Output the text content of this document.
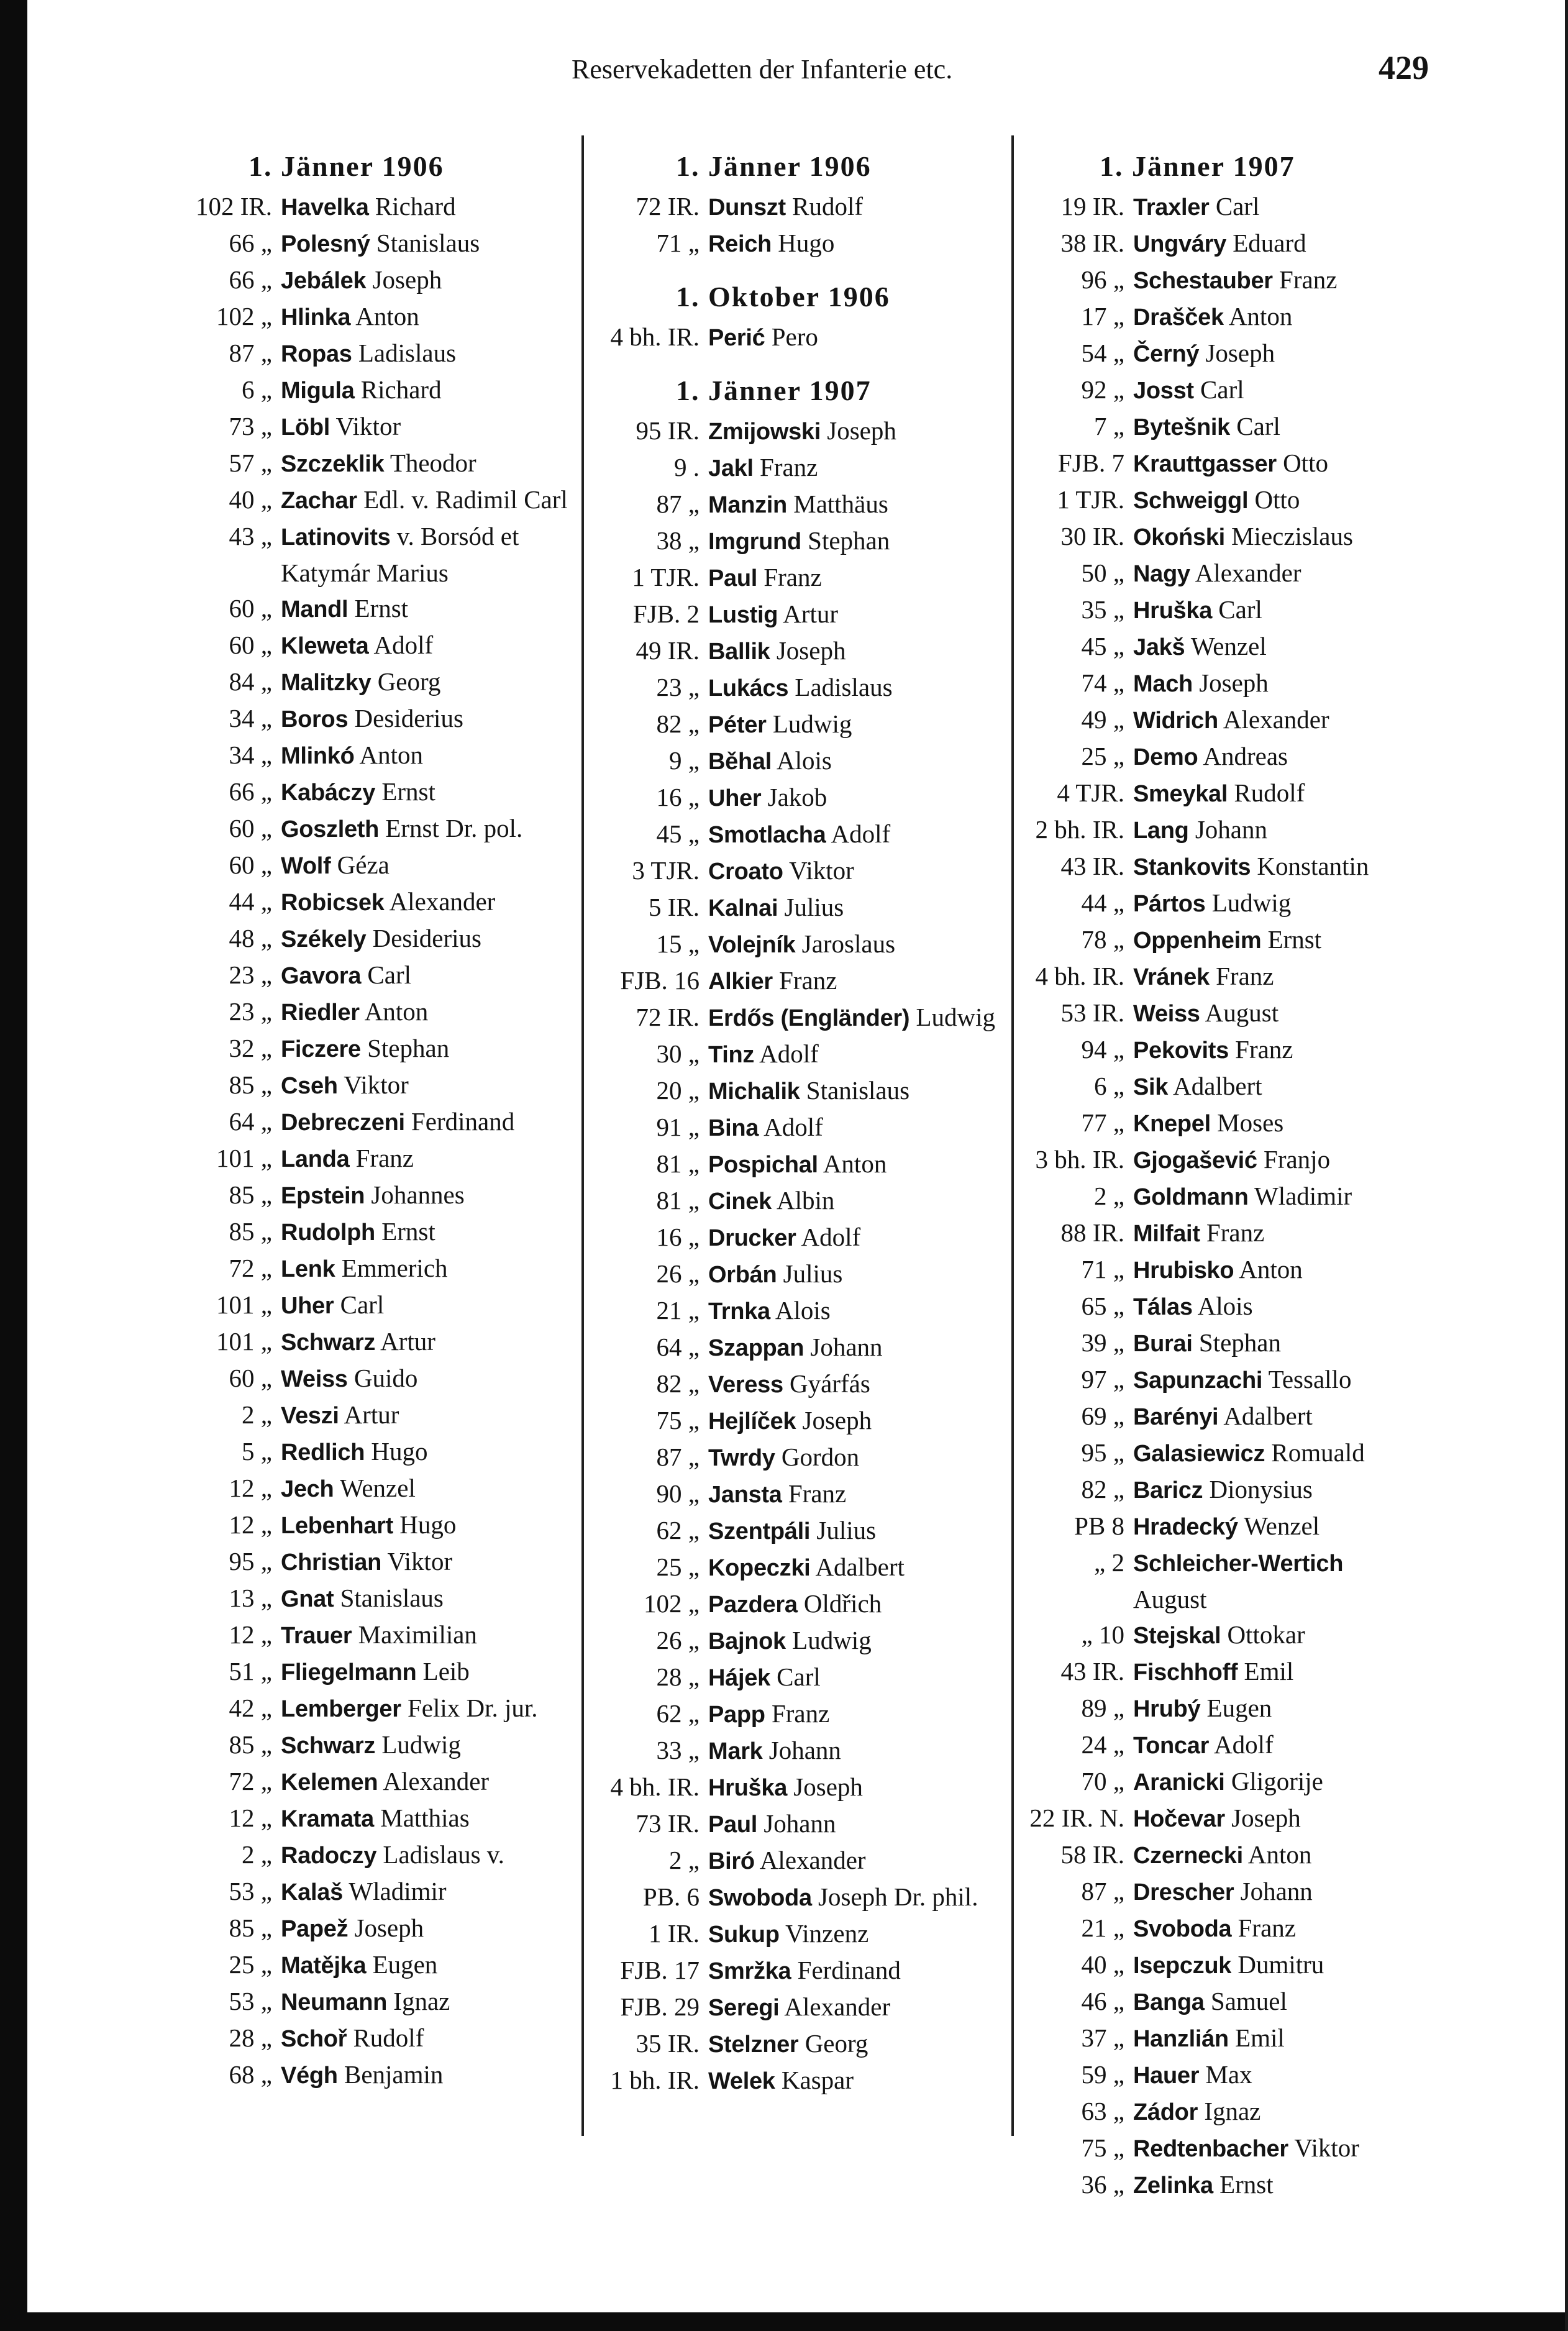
Reservekadetten der Infanterie etc.	429
1. Jänner 1906
102 IR. Havelka Richard
66 „ Polesný Stanislaus
66 „ Jebálek Joseph
102 „ Hlinka Anton
87 „ Ropas Ladislaus
6 „ Migula Richard
73 „ Löbl Viktor
57 „ Szczeklik Theodor
40 „ Zachar Edl. v. Radimil Carl
43 „ Latinovits v. Borsód et Katymár Marius
60 „ Mandl Ernst
60 „ Kleweta Adolf
84 „ Malitzky Georg
34 „ Boros Desiderius
34 „ Mlinkó Anton
66 „ Kabáczy Ernst
60 „ Goszleth Ernst Dr. pol.
60 „ Wolf Géza
44 „ Robicsek Alexander
48 „ Székely Desiderius
23 „ Gavora Carl
23 „ Riedler Anton
32 „ Ficzere Stephan
85 „ Cseh Viktor
64 „ Debreczeni Ferdinand
101 „ Landa Franz
85 „ Epstein Johannes
85 „ Rudolph Ernst
72 „ Lenk Emmerich
101 „ Uher Carl
101 „ Schwarz Artur
60 „ Weiss Guido
2 „ Veszi Artur
5 „ Redlich Hugo
12 „ Jech Wenzel
12 „ Lebenhart Hugo
95 „ Christian Viktor
13 „ Gnat Stanislaus
12 „ Trauer Maximilian
51 „ Fliegelmann Leib
42 „ Lemberger Felix Dr. jur.
85 „ Schwarz Ludwig
72 „ Kelemen Alexander
12 „ Kramata Matthias
2 „ Radoczy Ladislaus v.
53 „ Kalaš Wladimir
85 „ Papež Joseph
25 „ Matějka Eugen
53 „ Neumann Ignaz
28 „ Schoř Rudolf
68 „ Végh Benjamin
1. Jänner 1906
72 IR. Dunszt Rudolf
71 „ Reich Hugo
1. Oktober 1906
4 bh. IR. Perić Pero
1. Jänner 1907
95 IR. Zmijowski Joseph
9 . Jakl Franz
87 „ Manzin Matthäus
38 „ Imgrund Stephan
1 TJR. Paul Franz
FJB. 2 Lustig Artur
49 IR. Ballik Joseph
23 „ Lukács Ladislaus
82 „ Péter Ludwig
9 „ Běhal Alois
16 „ Uher Jakob
45 „ Smotlacha Adolf
3 TJR. Croato Viktor
5 IR. Kalnai Julius
15 „ Volejník Jaroslaus
FJB. 16 Alkier Franz
72 IR. Erdős (Engländer) Ludwig
30 „ Tinz Adolf
20 „ Michalik Stanislaus
91 „ Bina Adolf
81 „ Pospichal Anton
81 „ Cinek Albin
16 „ Drucker Adolf
26 „ Orbán Julius
21 „ Trnka Alois
64 „ Szappan Johann
82 „ Veress Gyárfás
75 „ Hejlíček Joseph
87 „ Twrdy Gordon
90 „ Jansta Franz
62 „ Szentpáli Julius
25 „ Kopeczki Adalbert
102 „ Pazdera Oldřich
26 „ Bajnok Ludwig
28 „ Hájek Carl
62 „ Papp Franz
33 „ Mark Johann
4 bh. IR. Hruška Joseph
73 IR. Paul Johann
2 „ Biró Alexander
PB. 6 Swoboda Joseph Dr. phil.
1 IR. Sukup Vinzenz
FJB. 17 Smržka Ferdinand
FJB. 29 Seregi Alexander
35 IR. Stelzner Georg
1 bh. IR. Welek Kaspar
1. Jänner 1907
19 IR. Traxler Carl
38 IR. Ungváry Eduard
96 „ Schestauber Franz
17 „ Drašček Anton
54 „ Černý Joseph
92 „ Josst Carl
7 „ Bytešnik Carl
FJB. 7 Krauttgasser Otto
1 TJR. Schweiggl Otto
30 IR. Okoński Mieczislaus
50 „ Nagy Alexander
35 „ Hruška Carl
45 „ Jakš Wenzel
74 „ Mach Joseph
49 „ Widrich Alexander
25 „ Demo Andreas
4 TJR. Smeykal Rudolf
2 bh. IR. Lang Johann
43 IR. Stankovits Konstantin
44 „ Pártos Ludwig
78 „ Oppenheim Ernst
4 bh. IR. Vránek Franz
53 IR. Weiss August
94 „ Pekovits Franz
6 „ Sik Adalbert
77 „ Knepel Moses
3 bh. IR. Gjogašević Franjo
2 „ Goldmann Wladimir
88 IR. Milfait Franz
71 „ Hrubisko Anton
65 „ Tálas Alois
39 „ Burai Stephan
97 „ Sapunzachi Tessallo
69 „ Barényi Adalbert
95 „ Galasiewicz Romuald
82 „ Baricz Dionysius
PB 8 Hradecký Wenzel
„ 2 Schleicher-Wertich August
„ 10 Stejskal Ottokar
43 IR. Fischhoff Emil
89 „ Hrubý Eugen
24 „ Toncar Adolf
70 „ Aranicki Gligorije
22 IR. N. Hočevar Joseph
58 IR. Czernecki Anton
87 „ Drescher Johann
21 „ Svoboda Franz
40 „ Isepczuk Dumitru
46 „ Banga Samuel
37 „ Hanzlián Emil
59 „ Hauer Max
63 „ Zádor Ignaz
75 „ Redtenbacher Viktor
36 „ Zelinka Ernst
